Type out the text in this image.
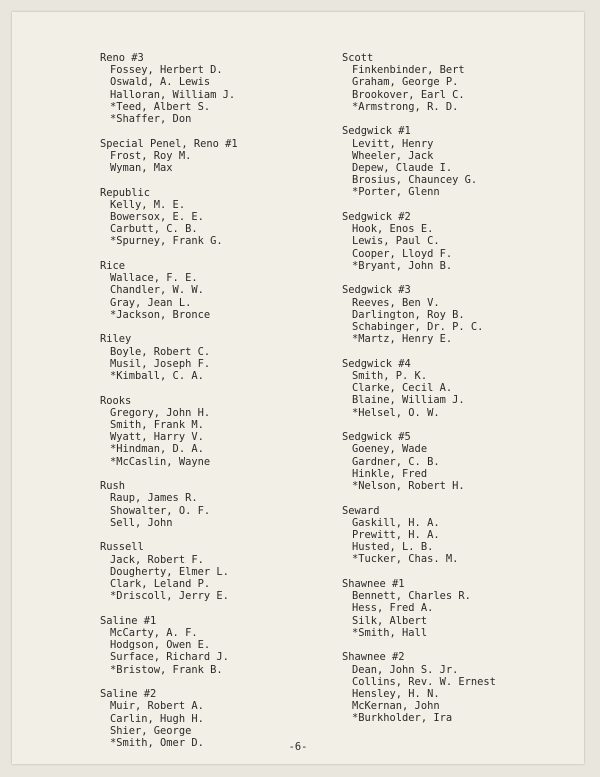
Reno #3
Fossey, Herbert D.
Oswald, A. Lewis
Halloran, William J.
*Teed, Albert S.
*Shaffer, Don
Special Penel, Reno #1
Frost, Roy M.
Wyman, Max
Republic
Kelly, M. E.
Bowersox, E. E.
Carbutt, C. B.
*Spurney, Frank G.
Rice
Wallace, F. E.
Chandler, W. W.
Gray, Jean L.
*Jackson, Bronce
Riley
Boyle, Robert C.
Musil, Joseph F.
*Kimball, C. A.
Rooks
Gregory, John H.
Smith, Frank M.
Wyatt, Harry V.
*Hindman, D. A.
*McCaslin, Wayne
Rush
Raup, James R.
Showalter, O. F.
Sell, John
Russell
Jack, Robert F.
Dougherty, Elmer L.
Clark, Leland P.
*Driscoll, Jerry E.
Saline #1
McCarty, A. F.
Hodgson, Owen E.
Surface, Richard J.
*Bristow, Frank B.
Saline #2
Muir, Robert A.
Carlin, Hugh H.
Shier, George
*Smith, Omer D.
Scott
Finkenbinder, Bert
Graham, George P.
Brookover, Earl C.
*Armstrong, R. D.
Sedgwick #1
Levitt, Henry
Wheeler, Jack
Depew, Claude I.
Brosius, Chauncey G.
*Porter, Glenn
Sedgwick #2
Hook, Enos E.
Lewis, Paul C.
Cooper, Lloyd F.
*Bryant, John B.
Sedgwick #3
Reeves, Ben V.
Darlington, Roy B.
Schabinger, Dr. P. C.
*Martz, Henry E.
Sedgwick #4
Smith, P. K.
Clarke, Cecil A.
Blaine, William J.
*Helsel, O. W.
Sedgwick #5
Goeney, Wade
Gardner, C. B.
Hinkle, Fred
*Nelson, Robert H.
Seward
Gaskill, H. A.
Prewitt, H. A.
Husted, L. B.
*Tucker, Chas. M.
Shawnee #1
Bennett, Charles R.
Hess, Fred A.
Silk, Albert
*Smith, Hall
Shawnee #2
Dean, John S. Jr.
Collins, Rev. W. Ernest
Hensley, H. N.
McKernan, John
*Burkholder, Ira
-6-
